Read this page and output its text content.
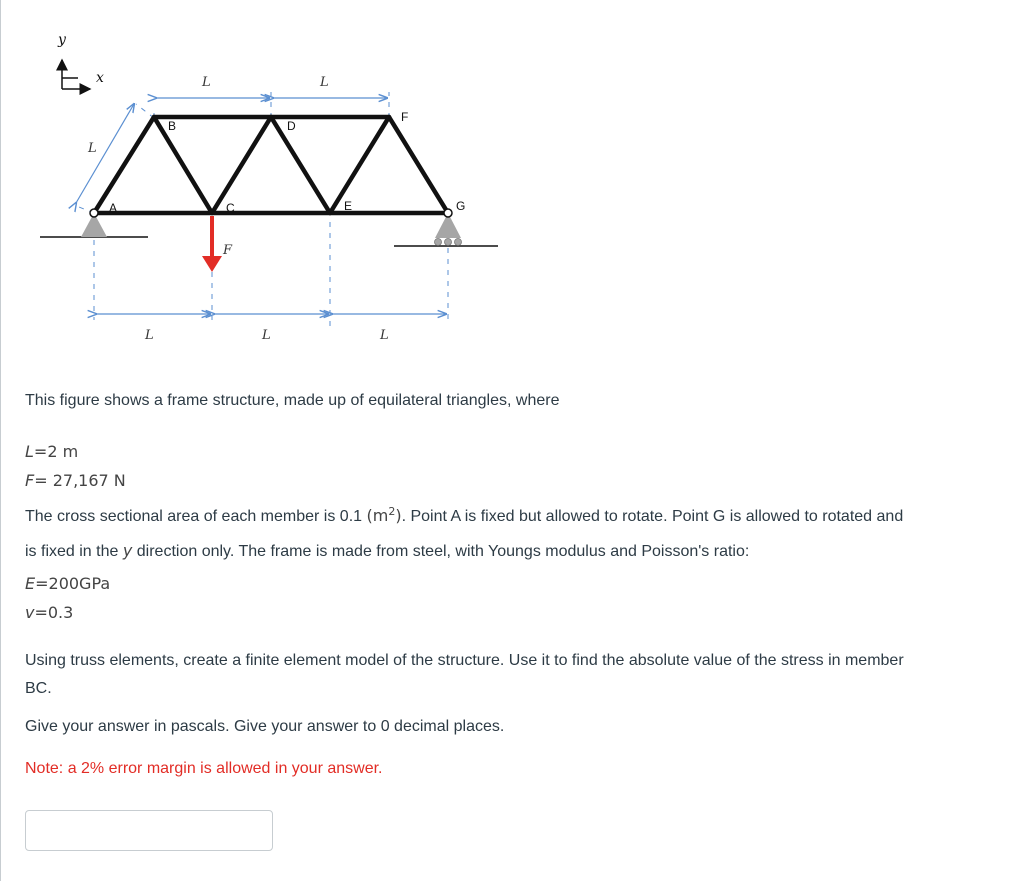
y
x	L	L
L
L	L	L
A
B
C
D
E
F
G
F
This figure shows a frame structure, made up of equilateral triangles, where
L=2 m
F= 27,167 N
The cross sectional area of each member is 0.1 $(m^2)$. Point A is fixed but allowed to rotate. Point G is allowed to rotated and
is fixed in the y direction only. The frame is made from steel, with Youngs modulus and Poisson's ratio:
E=200GPa
v=0.3
Using truss elements, create a finite element model of the structure. Use it to find the absolute value of the stress in member
BC.
Give your answer in pascals. Give your answer to 0 decimal places.
Note: a 2% error margin is allowed in your answer.
